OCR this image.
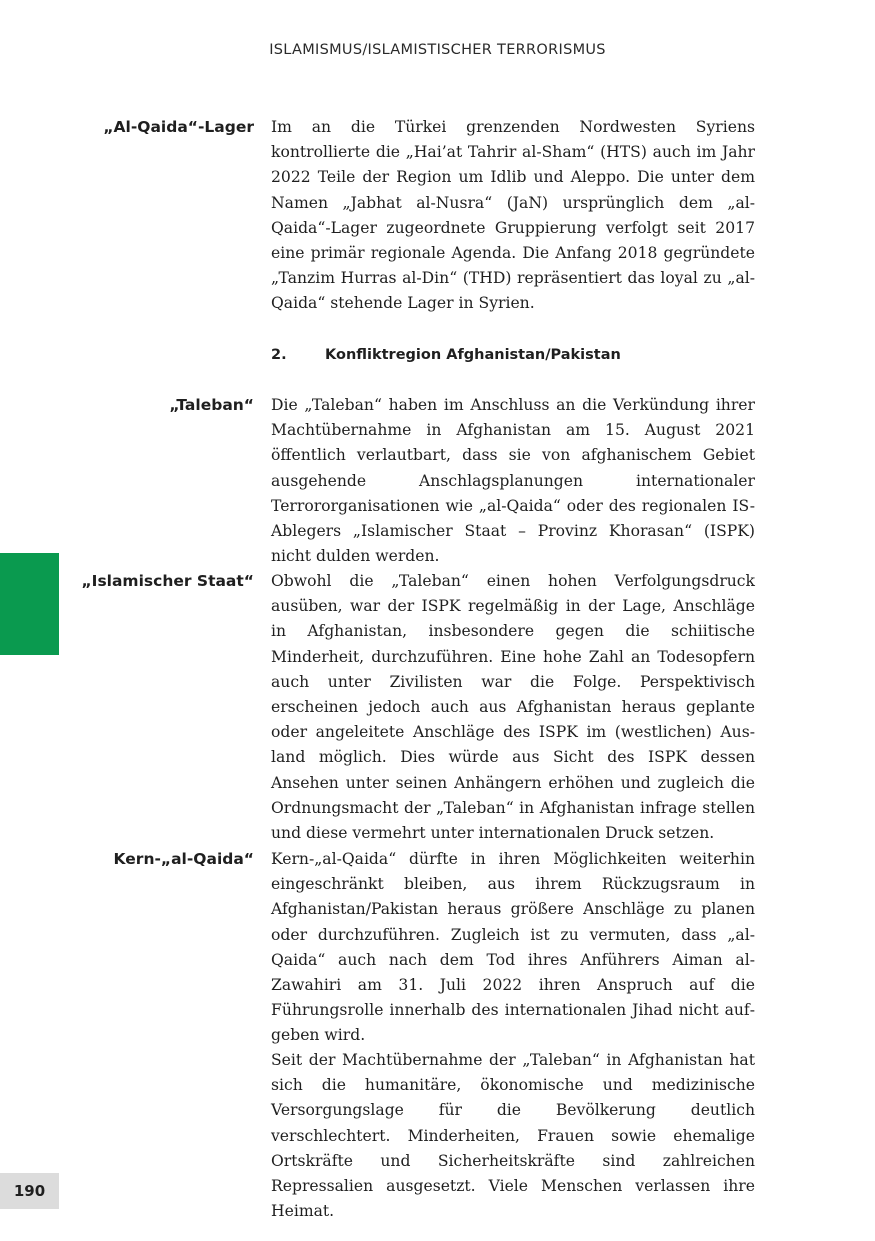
ISLAMISMUS/ISLAMISTISCHER TERRORISMUS
„Al-Qaida“-Lager Im an die Türkei grenzenden Nordwesten Syriens kontrollierte die „Hai’at Tahrir al-Sham“ (HTS) auch im Jahr 2022 Teile der Region um Idlib und Aleppo. Die unter dem Namen „Jabhat al-Nusra“ (JaN) ursprünglich dem „al-Qaida“-Lager zugeordnete Gruppierung verfolgt seit 2017 eine primär regionale Agenda. Die Anfang 2018 gegründete „Tanzim Hurras al-Din“ (THD) repräsentiert das loyal zu „al-Qaida“ stehende Lager in Syrien.

2.	Konfliktregion Afghanistan/Pakistan
„Taleban“ Die „Taleban“ haben im Anschluss an die Verkündung ihrer Machtübernahme in Afghanistan am 15. August 2021 öffentlich verlautbart, dass sie von afghanischem Gebiet ausgehende Anschlagsplanungen internationaler Terrororganisationen wie „al-Qaida“ oder des regionalen IS-Ablegers „Islamischer Staat – Provinz Khorasan“ (ISPK) nicht dulden werden.

„Islamischer Staat“ Obwohl die „Taleban“ einen hohen Verfolgungsdruck ausüben, war der ISPK regelmäßig in der Lage, Anschläge in Afghanistan, insbesondere gegen die schiitische Minderheit, durchzuführen. Eine hohe Zahl an Todesopfern auch unter Zivilisten war die Folge. Perspektivisch erscheinen jedoch auch aus Afghanistan heraus geplante oder angeleitete Anschläge des ISPK im (westlichen) Ausland möglich. Dies würde aus Sicht des ISPK dessen Ansehen unter seinen Anhängern erhöhen und zugleich die Ordnungsmacht der „Taleban“ in Afghanistan infrage stellen und diese vermehrt unter internationalen Druck setzen.

Kern-„al-Qaida“ Kern-„al-Qaida“ dürfte in ihren Möglichkeiten weiterhin eingeschränkt bleiben, aus ihrem Rückzugsraum in Afghanistan/Pakistan heraus größere Anschläge zu planen oder durchzuführen. Zugleich ist zu vermuten, dass „al-Qaida“ auch nach dem Tod ihres Anführers Aiman al-Zawahiri am 31. Juli 2022 ihren Anspruch auf die Führungsrolle innerhalb des internationalen Jihad nicht aufgeben wird.

Seit der Machtübernahme der „Taleban“ in Afghanistan hat sich die humanitäre, ökonomische und medizinische Versorgungslage für die Bevölkerung deutlich verschlechtert. Minderheiten, Frauen sowie ehemalige Ortskräfte und Sicherheitskräfte sind zahlreichen Repressalien ausgesetzt. Viele Menschen verlassen ihre Heimat.

190
